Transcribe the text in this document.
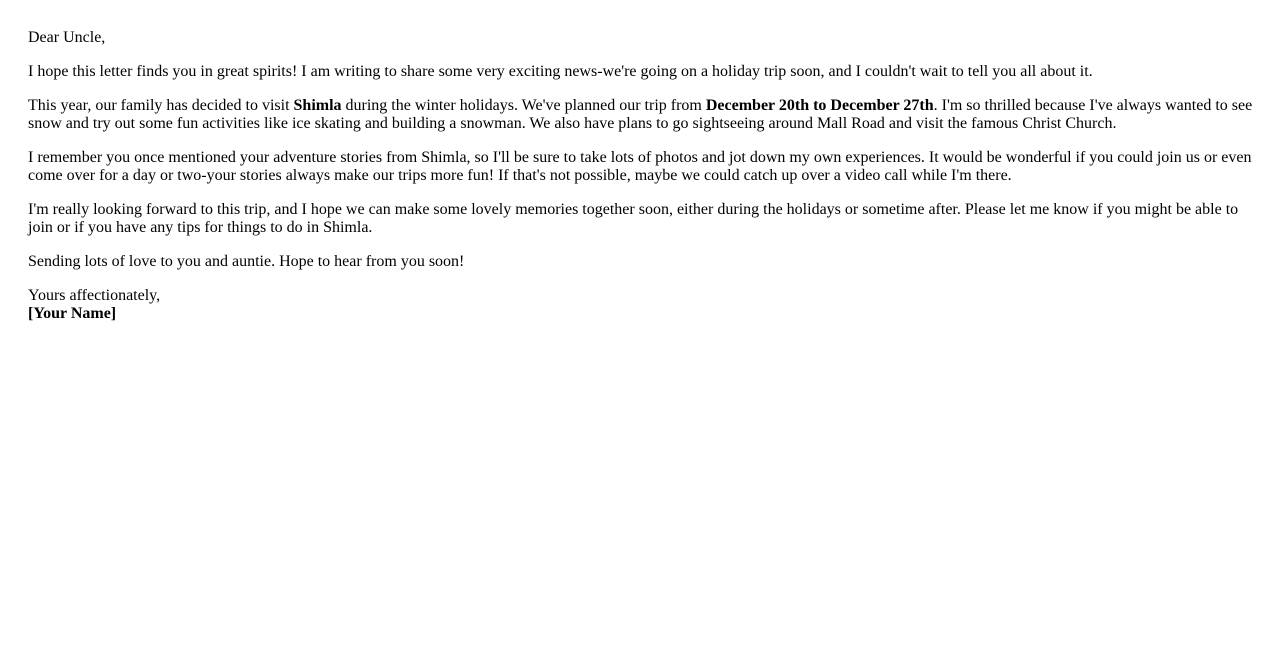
Dear Uncle,

I hope this letter finds you in great spirits! I am writing to share some very exciting news-we're going on a holiday trip soon, and I couldn't wait to tell you all about it.

This year, our family has decided to visit Shimla during the winter holidays. We've planned our trip from December 20th to December 27th. I'm so thrilled because I've always wanted to see snow and try out some fun activities like ice skating and building a snowman. We also have plans to go sightseeing around Mall Road and visit the famous Christ Church.

I remember you once mentioned your adventure stories from Shimla, so I'll be sure to take lots of photos and jot down my own experiences. It would be wonderful if you could join us or even come over for a day or two-your stories always make our trips more fun! If that's not possible, maybe we could catch up over a video call while I'm there.

I'm really looking forward to this trip, and I hope we can make some lovely memories together soon, either during the holidays or sometime after. Please let me know if you might be able to join or if you have any tips for things to do in Shimla.

Sending lots of love to you and auntie. Hope to hear from you soon!

Yours affectionately,

[Your Name]
